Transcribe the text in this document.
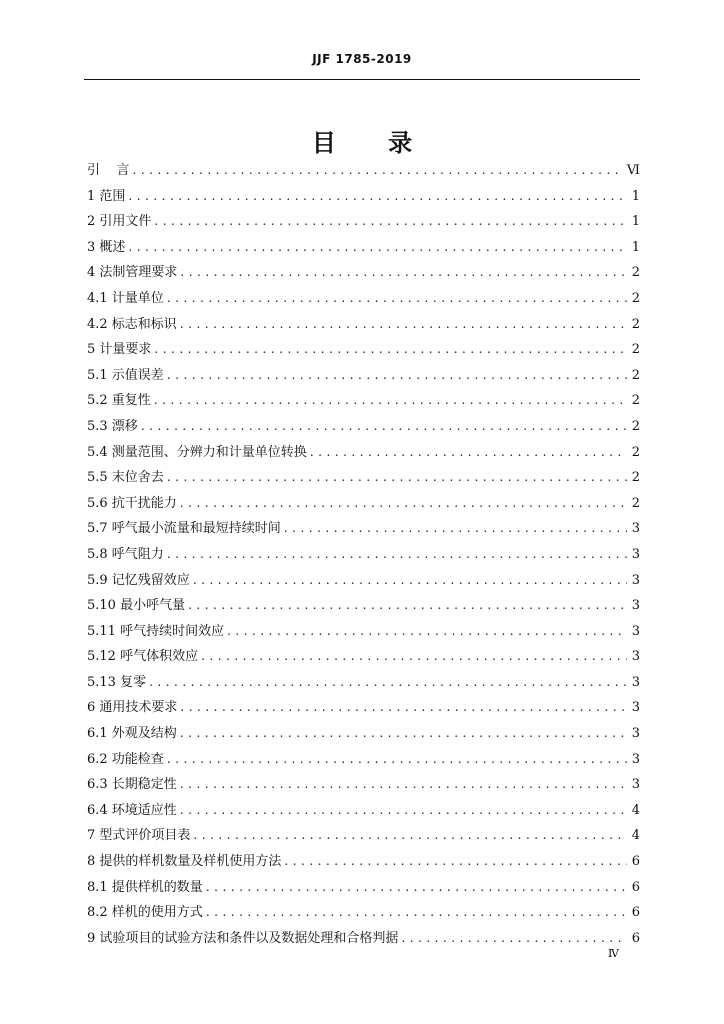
JJF 1785-2019
目 录
引    言 .....	Ⅵ
1 范围 .....	1
2 引用文件 .....	1
3 概述 .....	1
4 法制管理要求 .....	2
4.1 计量单位 .....	2
4.2 标志和标识 .....	2
5 计量要求 .....	2
5.1 示值误差 .....	2
5.2 重复性 .....	2
5.3 漂移 .....	2
5.4 测量范围、分辨力和计量单位转换 .....	2
5.5 末位舍去 .....	2
5.6 抗干扰能力 .....	2
5.7 呼气最小流量和最短持续时间 .....	3
5.8 呼气阻力 .....	3
5.9 记忆残留效应 .....	3
5.10 最小呼气量 .....	3
5.11 呼气持续时间效应 .....	3
5.12 呼气体积效应 .....	3
5.13 复零 .....	3
6 通用技术要求 .....	3
6.1 外观及结构 .....	3
6.2 功能检查 .....	3
6.3 长期稳定性 .....	3
6.4 环境适应性 .....	4
7 型式评价项目表 .....	4
8 提供的样机数量及样机使用方法 .....	6
8.1 提供样机的数量 .....	6
8.2 样机的使用方式 .....	6
9 试验项目的试验方法和条件以及数据处理和合格判据 .....	6
Ⅳ
